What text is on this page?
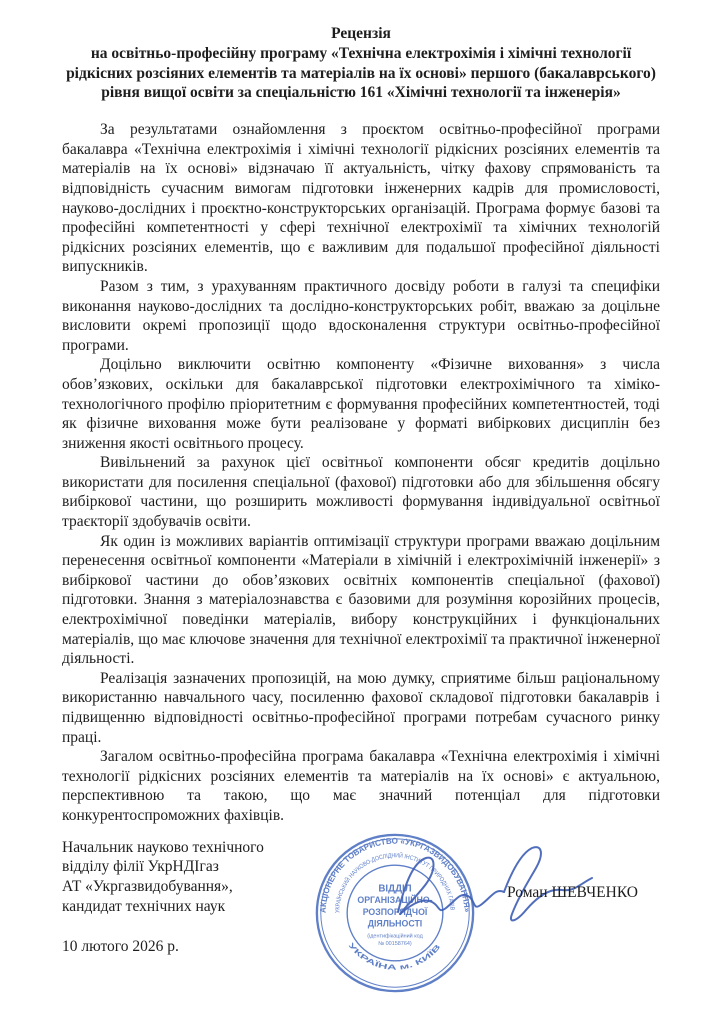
Рецензія
на освітньо-професійну програму «Технічна електрохімія і хімічні технології
рідкісних розсіяних елементів та матеріалів на їх основі» першого (бакалаврського)
рівня вищої освіти за спеціальністю 161 «Хімічні технології та інженерія»

За результатами ознайомлення з проєктом освітньо-професійної програми бакалавра «Технічна електрохімія і хімічні технології рідкісних розсіяних елементів та матеріалів на їх основі» відзначаю її актуальність, чітку фахову спрямованість та відповідність сучасним вимогам підготовки інженерних кадрів для промисловості, науково-дослідних і проєктно-конструкторських організацій. Програма формує базові та професійні компетентності у сфері технічної електрохімії та хімічних технологій рідкісних розсіяних елементів, що є важливим для подальшої професійної діяльності випускників.

Разом з тим, з урахуванням практичного досвіду роботи в галузі та специфіки виконання науково-дослідних та дослідно-конструкторських робіт, вважаю за доцільне висловити окремі пропозиції щодо вдосконалення структури освітньо-професійної програми.

Доцільно виключити освітню компоненту «Фізичне виховання» з числа обов’язкових, оскільки для бакалаврської підготовки електрохімічного та хіміко-технологічного профілю пріоритетним є формування професійних компетентностей, тоді як фізичне виховання може бути реалізоване у форматі вибіркових дисциплін без зниження якості освітнього процесу.

Вивільнений за рахунок цієї освітньої компоненти обсяг кредитів доцільно використати для посилення спеціальної (фахової) підготовки або для збільшення обсягу вибіркової частини, що розширить можливості формування індивідуальної освітньої траєкторії здобувачів освіти.

Як один із можливих варіантів оптимізації структури програми вважаю доцільним перенесення освітньої компоненти «Матеріали в хімічній і електрохімічній інженерії» з вибіркової частини до обов’язкових освітніх компонентів спеціальної (фахової) підготовки. Знання з матеріалознавства є базовими для розуміння корозійних процесів, електрохімічної поведінки матеріалів, вибору конструкційних і функціональних матеріалів, що має ключове значення для технічної електрохімії та практичної інженерної діяльності.

Реалізація зазначених пропозицій, на мою думку, сприятиме більш раціональному використанню навчального часу, посиленню фахової складової підготовки бакалаврів і підвищенню відповідності освітньо-професійної програми потребам сучасного ринку праці.

Загалом освітньо-професійна програма бакалавра «Технічна електрохімія і хімічні технології рідкісних розсіяних елементів та матеріалів на їх основі» є актуальною, перспективною та такою, що має значний потенціал для підготовки конкурентоспроможних фахівців.

Начальник науково технічного
відділу філії УкрНДІгаз
АТ «Укргазвидобування»,
кандидат технічних наук
10 лютого 2026 р.
АКЦІОНЕРНЕ ТОВАРИСТВО «УКРГАЗВИДОБУВАННЯ»
УКРАЇНСЬКИЙ НАУКОВО-ДОСЛІДНИЙ ІНСТИТУТ ПРИРОДНИХ ГАЗІВ
УКРАЇНА м. КИЇВ
ВІДДІЛ
ОРГАНІЗАЦІЙНО-
РОЗПОРЯДЧОЇ
ДІЯЛЬНОСТІ
(ідентифікаційний код
№ 00158764)
Роман ШЕВЧЕНКО
